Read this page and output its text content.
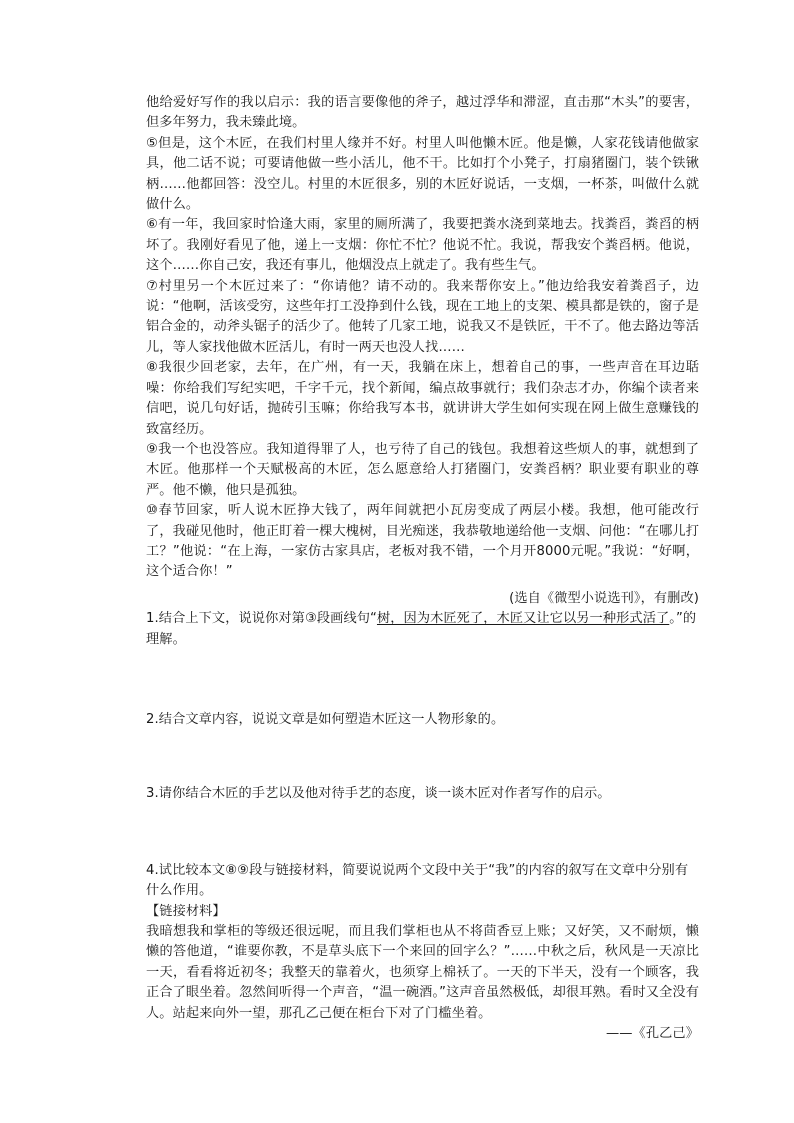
他给爱好写作的我以启示：我的语言要像他的斧子，越过浮华和滞涩，直击那“木头”的要害，但多年努力，我未臻此境。

⑤但是，这个木匠，在我们村里人缘并不好。村里人叫他懒木匠。他是懒，人家花钱请他做家具，他二话不说；可要请他做一些小活儿，他不干。比如打个小凳子，打扇猪圈门，装个铁锹柄……他都回答：没空儿。村里的木匠很多，别的木匠好说话，一支烟，一杯茶，叫做什么就做什么。

⑥有一年，我回家时恰逢大雨，家里的厕所满了，我要把粪水浇到菜地去。找粪舀，粪舀的柄坏了。我刚好看见了他，递上一支烟：你忙不忙？他说不忙。我说，帮我安个粪舀柄。他说，这个……你自己安，我还有事儿，他烟没点上就走了。我有些生气。

⑦村里另一个木匠过来了：“你请他？请不动的。我来帮你安上。”他边给我安着粪舀子，边说：“他啊，活该受穷，这些年打工没挣到什么钱，现在工地上的支架、模具都是铁的，窗子是铝合金的，动斧头锯子的活少了。他转了几家工地，说我又不是铁匠，干不了。他去路边等活儿，等人家找他做木匠活儿，有时一两天也没人找……

⑧我很少回老家，去年，在广州，有一天，我躺在床上，想着自己的事，一些声音在耳边聒噪：你给我们写纪实吧，千字千元，找个新闻，编点故事就行；我们杂志才办，你编个读者来信吧，说几句好话，抛砖引玉嘛；你给我写本书，就讲讲大学生如何实现在网上做生意赚钱的致富经历。

⑨我一个也没答应。我知道得罪了人，也亏待了自己的钱包。我想着这些烦人的事，就想到了木匠。他那样一个天赋极高的木匠，怎么愿意给人打猪圈门，安粪舀柄？职业要有职业的尊严。他不懒，他只是孤独。

⑩春节回家，听人说木匠挣大钱了，两年间就把小瓦房变成了两层小楼。我想，他可能改行了，我碰见他时，他正盯着一棵大槐树，目光痴迷，我恭敬地递给他一支烟、问他：“在哪儿打工？”他说：“在上海，一家仿古家具店，老板对我不错，一个月开8000元呢。”我说：“好啊，这个适合你！”

(选自《微型小说选刊》，有删改)

1.结合上下文，说说你对第③段画线句“树，因为木匠死了，木匠又让它以另一种形式活了。”的理解。

2.结合文章内容，说说文章是如何塑造木匠这一人物形象的。

3.请你结合木匠的手艺以及他对待手艺的态度，谈一谈木匠对作者写作的启示。

4.试比较本文⑧⑨段与链接材料，简要说说两个文段中关于“我”的内容的叙写在文章中分别有什么作用。

【链接材料】

我暗想我和掌柜的等级还很远呢，而且我们掌柜也从不将茴香豆上账；又好笑，又不耐烦，懒懒的答他道，“谁要你教，不是草头底下一个来回的回字么？”……中秋之后，秋风是一天凉比一天，看看将近初冬；我整天的靠着火，也须穿上棉袄了。一天的下半天，没有一个顾客，我正合了眼坐着。忽然间听得一个声音，“温一碗酒。”这声音虽然极低，却很耳熟。看时又全没有人。站起来向外一望，那孔乙己便在柜台下对了门槛坐着。

——《孔乙己》
